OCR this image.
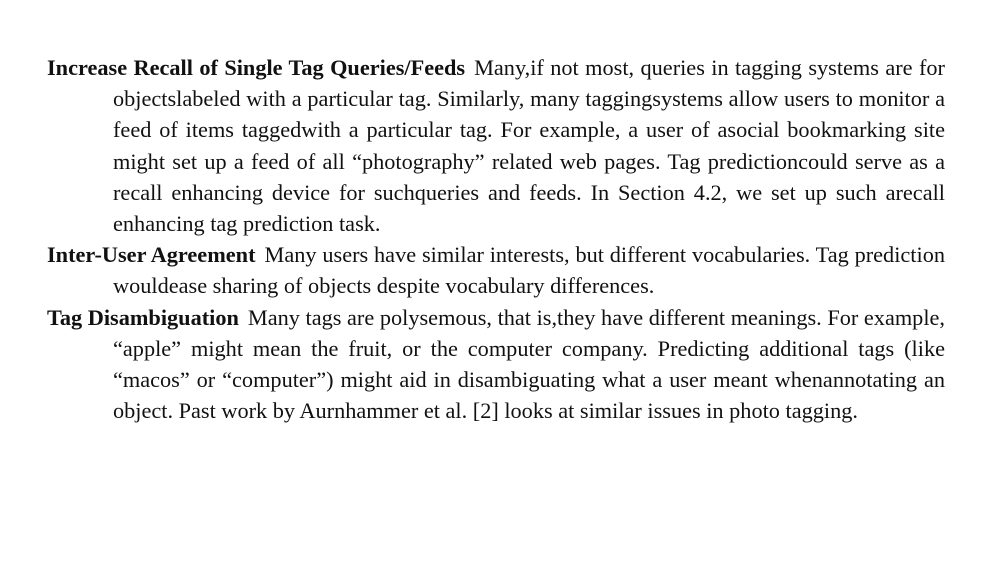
Increase Recall of Single Tag Queries/Feeds Many,if not most, queries in tagging systems are for objectslabeled with a particular tag. Similarly, many taggingsystems allow users to monitor a feed of items taggedwith a particular tag. For example, a user of asocial bookmarking site might set up a feed of all “photography” related web pages. Tag predictioncould serve as a recall enhancing device for suchqueries and feeds. In Section 4.2, we set up such arecall enhancing tag prediction task.

Inter-User Agreement Many users have similar interests, but different vocabularies. Tag prediction wouldease sharing of objects despite vocabulary differences.

Tag Disambiguation Many tags are polysemous, that is,they have different meanings. For example, “apple” might mean the fruit, or the computer company. Predicting additional tags (like “macos” or “computer”) might aid in disambiguating what a user meant whenannotating an object. Past work by Aurnhammer et al. [2] looks at similar issues in photo tagging.
